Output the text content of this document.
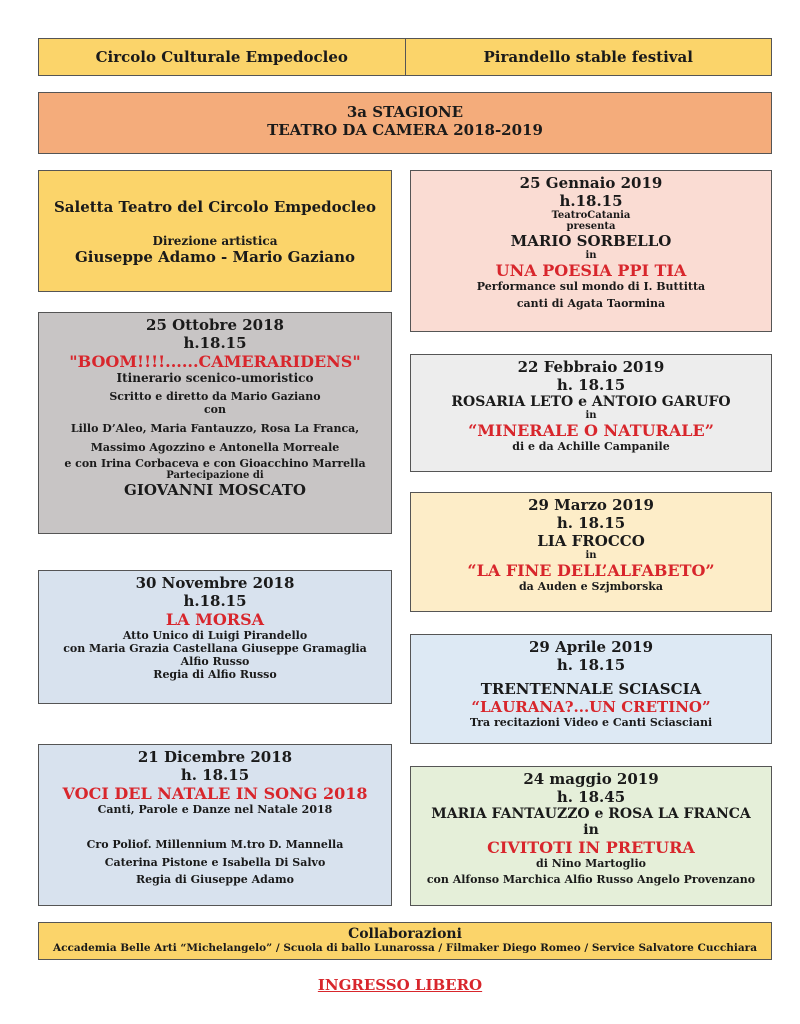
Circolo Culturale Empedocleo	Pirandello stable festival
3a STAGIONE
TEATRO DA CAMERA 2018-2019
Saletta Teatro del Circolo Empedocleo
Direzione artistica
Giuseppe Adamo - Mario Gaziano
25 Ottobre 2018
h.18.15
"BOOM!!!!......CAMERARIDENS"
Itinerario scenico-umoristico
Scritto e diretto da Mario Gaziano
con
Lillo D’Aleo, Maria Fantauzzo, Rosa La Franca,
Massimo Agozzino e Antonella Morreale
e con Irina Corbaceva e con Gioacchino Marrella
Partecipazione di
GIOVANNI MOSCATO
30 Novembre 2018
h.18.15
LA MORSA
Atto Unico di Luigi Pirandello
con Maria Grazia Castellana Giuseppe Gramaglia
Alfio Russo
Regia di Alfio Russo
21 Dicembre 2018
h. 18.15
VOCI DEL NATALE IN SONG 2018
Canti, Parole e Danze nel Natale 2018
Cro Poliof. Millennium M.tro D. Mannella
Caterina Pistone e Isabella Di Salvo
Regia di Giuseppe Adamo
25 Gennaio 2019
h.18.15
TeatroCatania
presenta
MARIO SORBELLO
in
UNA POESIA PPI TIA
Performance sul mondo di I. Buttitta
canti di Agata Taormina
22 Febbraio 2019
h. 18.15
ROSARIA LETO e ANTOIO GARUFO
in
“MINERALE O NATURALE”
di e da Achille Campanile
29 Marzo 2019
h. 18.15
LIA FROCCO
in
“LA FINE DELL’ALFABETO”
da Auden e Szjmborska
29 Aprile 2019
h. 18.15
TRENTENNALE SCIASCIA
“LAURANA?...UN CRETINO”
Tra recitazioni Video e Canti Sciasciani
24 maggio 2019
h. 18.45
MARIA FANTAUZZO e ROSA LA FRANCA
in
CIVITOTI IN PRETURA
di Nino Martoglio
con Alfonso Marchica Alfio Russo Angelo Provenzano
Collaborazioni
Accademia Belle Arti “Michelangelo” / Scuola di ballo Lunarossa / Filmaker Diego Romeo / Service Salvatore Cucchiara
INGRESSO LIBERO
